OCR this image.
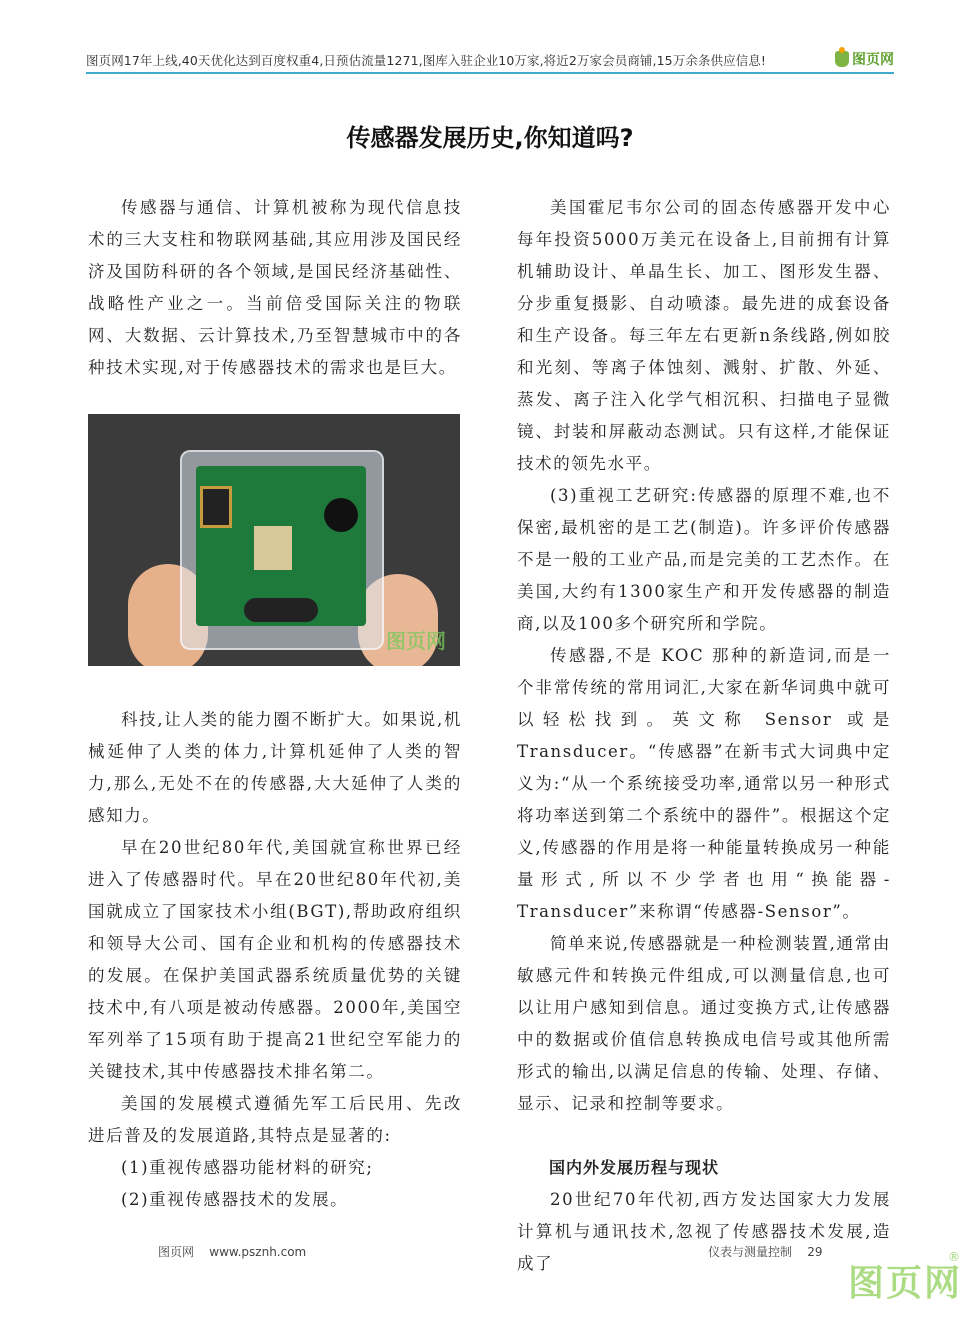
图页网17年上线,40天优化达到百度权重4,日预估流量1271,图库入驻企业10万家,将近2万家会员商铺,15万余条供应信息!	图页网
传感器发展历史,你知道吗?

传感器与通信、计算机被称为现代信息技术的三大支柱和物联网基础,其应用涉及国民经济及国防科研的各个领域,是国民经济基础性、战略性产业之一。当前倍受国际关注的物联网、大数据、云计算技术,乃至智慧城市中的各种技术实现,对于传感器技术的需求也是巨大。

图页网

科技,让人类的能力圈不断扩大。如果说,机械延伸了人类的体力,计算机延伸了人类的智力,那么,无处不在的传感器,大大延伸了人类的感知力。

早在20世纪80年代,美国就宣称世界已经进入了传感器时代。早在20世纪80年代初,美国就成立了国家技术小组(BGT),帮助政府组织和领导大公司、国有企业和机构的传感器技术的发展。在保护美国武器系统质量优势的关键技术中,有八项是被动传感器。2000年,美国空军列举了15项有助于提高21世纪空军能力的关键技术,其中传感器技术排名第二。

美国的发展模式遵循先军工后民用、先改进后普及的发展道路,其特点是显著的:

(1)重视传感器功能材料的研究;

(2)重视传感器技术的发展。

美国霍尼韦尔公司的固态传感器开发中心每年投资5000万美元在设备上,目前拥有计算机辅助设计、单晶生长、加工、图形发生器、分步重复摄影、自动喷漆。最先进的成套设备和生产设备。每三年左右更新n条线路,例如胶和光刻、等离子体蚀刻、溅射、扩散、外延、蒸发、离子注入化学气相沉积、扫描电子显微镜、封装和屏蔽动态测试。只有这样,才能保证技术的领先水平。

(3)重视工艺研究:传感器的原理不难,也不保密,最机密的是工艺(制造)。许多评价传感器不是一般的工业产品,而是完美的工艺杰作。在美国,大约有1300家生产和开发传感器的制造商,以及100多个研究所和学院。

传感器,不是 KOC 那种的新造词,而是一个非常传统的常用词汇,大家在新华词典中就可以轻松找到。英文称 Sensor 或是 Transducer。“传感器”在新韦式大词典中定义为:“从一个系统接受功率,通常以另一种形式将功率送到第二个系统中的器件”。根据这个定义,传感器的作用是将一种能量转换成另一种能量形式,所以不少学者也用“换能器-Transducer”来称谓“传感器-Sensor”。

简单来说,传感器就是一种检测装置,通常由敏感元件和转换元件组成,可以测量信息,也可以让用户感知到信息。通过变换方式,让传感器中的数据或价值信息转换成电信号或其他所需形式的输出,以满足信息的传输、处理、存储、显示、记录和控制等要求。

国内外发展历程与现状

20世纪70年代初,西方发达国家大力发展计算机与通讯技术,忽视了传感器技术发展,造成了

图页网    www.psznh.com	仪表与测量控制    29	®
图页网
